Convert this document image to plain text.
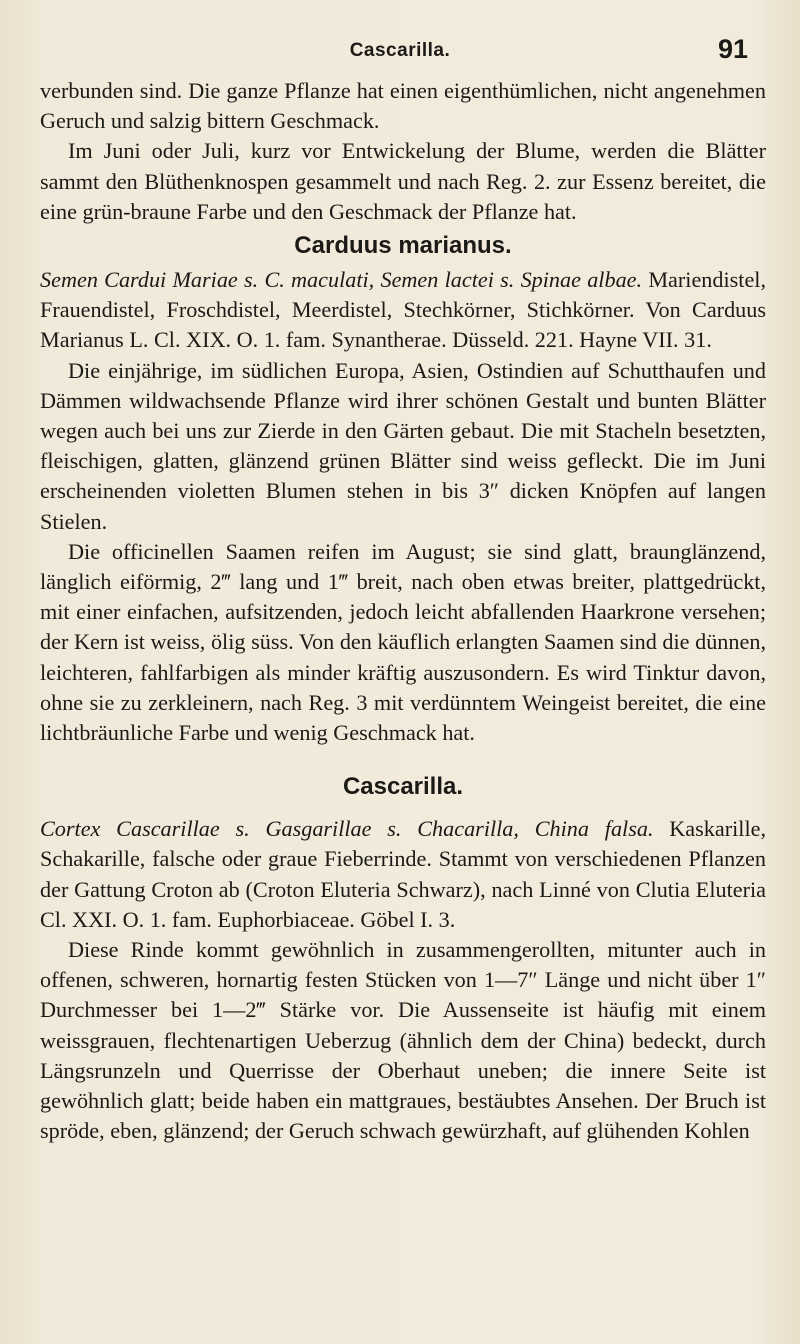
Cascarilla.	91

verbunden sind. Die ganze Pflanze hat einen eigenthümlichen, nicht angenehmen Geruch und salzig bittern Geschmack.

Im Juni oder Juli, kurz vor Entwickelung der Blume, werden die Blätter sammt den Blüthenknospen gesammelt und nach Reg. 2. zur Essenz bereitet, die eine grün-braune Farbe und den Geschmack der Pflanze hat.

Carduus marianus.

Semen Cardui Mariae s. C. maculati, Semen lactei s. Spinae albae. Mariendistel, Frauendistel, Froschdistel, Meerdistel, Stechkörner, Stichkörner. Von Carduus Marianus L. Cl. XIX. O. 1. fam. Synantherae. Düsseld. 221. Hayne VII. 31.

Die einjährige, im südlichen Europa, Asien, Ostindien auf Schutthaufen und Dämmen wildwachsende Pflanze wird ihrer schönen Gestalt und bunten Blätter wegen auch bei uns zur Zierde in den Gärten gebaut. Die mit Stacheln besetzten, fleischigen, glatten, glänzend grünen Blätter sind weiss gefleckt. Die im Juni erscheinenden violetten Blumen stehen in bis 3″ dicken Knöpfen auf langen Stielen.

Die officinellen Saamen reifen im August; sie sind glatt, braunglänzend, länglich eiförmig, 2‴ lang und 1‴ breit, nach oben etwas breiter, plattgedrückt, mit einer einfachen, aufsitzenden, jedoch leicht abfallenden Haarkrone versehen; der Kern ist weiss, ölig süss. Von den käuflich erlangten Saamen sind die dünnen, leichteren, fahlfarbigen als minder kräftig auszusondern. Es wird Tinktur davon, ohne sie zu zerkleinern, nach Reg. 3 mit verdünntem Weingeist bereitet, die eine lichtbräunliche Farbe und wenig Geschmack hat.

Cascarilla.

Cortex Cascarillae s. Gasgarillae s. Chacarilla, China falsa. Kaskarille, Schakarille, falsche oder graue Fieberrinde. Stammt von verschiedenen Pflanzen der Gattung Croton ab (Croton Eluteria Schwarz), nach Linné von Clutia Eluteria Cl. XXI. O. 1. fam. Euphorbiaceae. Göbel I. 3.

Diese Rinde kommt gewöhnlich in zusammengerollten, mitunter auch in offenen, schweren, hornartig festen Stücken von 1—7″ Länge und nicht über 1″ Durchmesser bei 1—2‴ Stärke vor. Die Aussenseite ist häufig mit einem weissgrauen, flechtenartigen Ueberzug (ähnlich dem der China) bedeckt, durch Längsrunzeln und Querrisse der Oberhaut uneben; die innere Seite ist gewöhnlich glatt; beide haben ein mattgraues, bestäubtes Ansehen. Der Bruch ist spröde, eben, glänzend; der Geruch schwach gewürzhaft, auf glühenden Kohlen
